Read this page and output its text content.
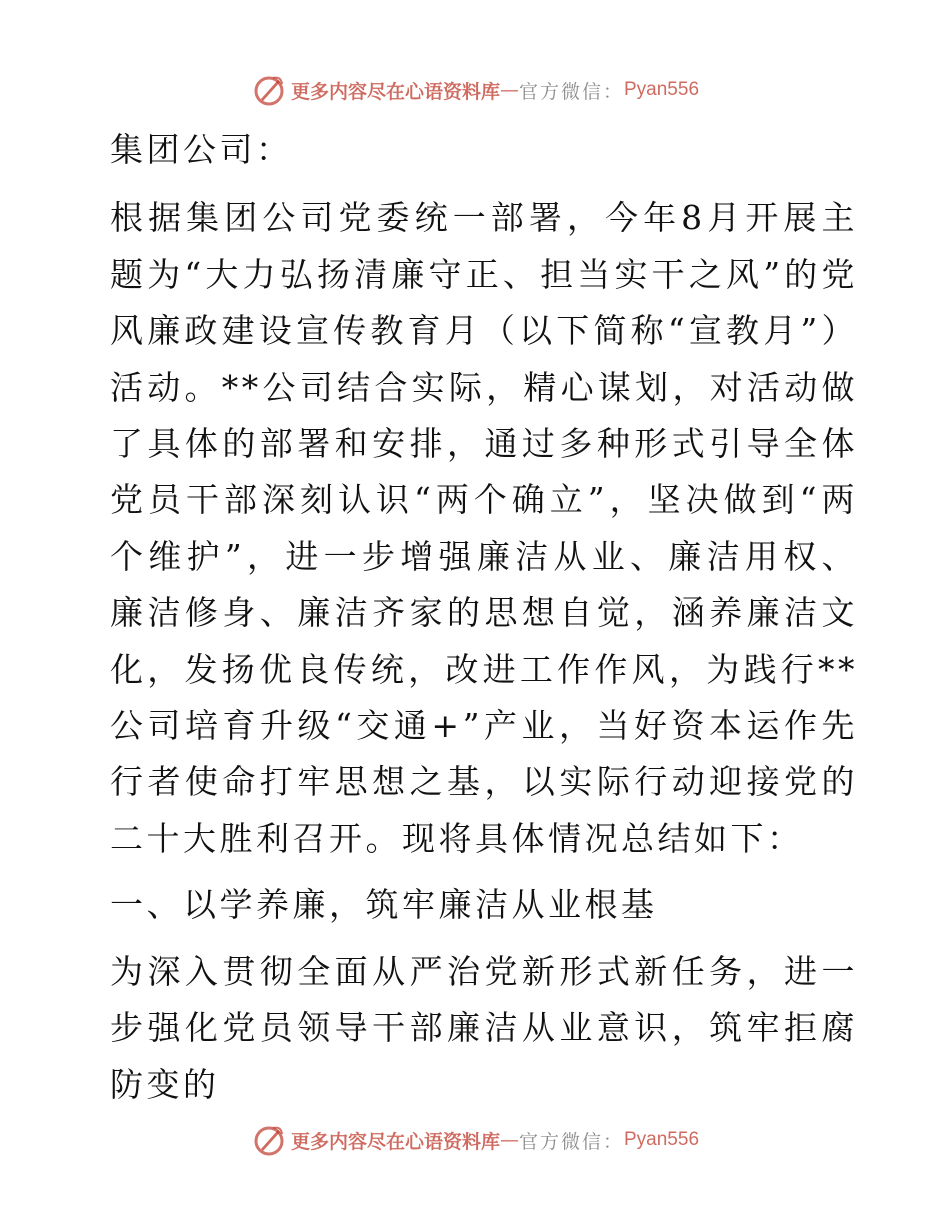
更多内容尽在心语资料库 — 官方微信： Pyan556

集团公司：

根据集团公司党委统一部署，今年8月开展主题为“大力弘扬清廉守正、担当实干之风”的党风廉政建设宣传教育月（以下简称“宣教月”）活动。**公司结合实际，精心谋划，对活动做了具体的部署和安排，通过多种形式引导全体党员干部深刻认识“两个确立”，坚决做到“两个维护”，进一步增强廉洁从业、廉洁用权、廉洁修身、廉洁齐家的思想自觉，涵养廉洁文化，发扬优良传统，改进工作作风，为践行**公司培育升级“交通+”产业，当好资本运作先行者使命打牢思想之基，以实际行动迎接党的二十大胜利召开。现将具体情况总结如下：

一、以学养廉，筑牢廉洁从业根基

为深入贯彻全面从严治党新形式新任务，进一步强化党员领导干部廉洁从业意识，筑牢拒腐防变的

更多内容尽在心语资料库 — 官方微信： Pyan556
